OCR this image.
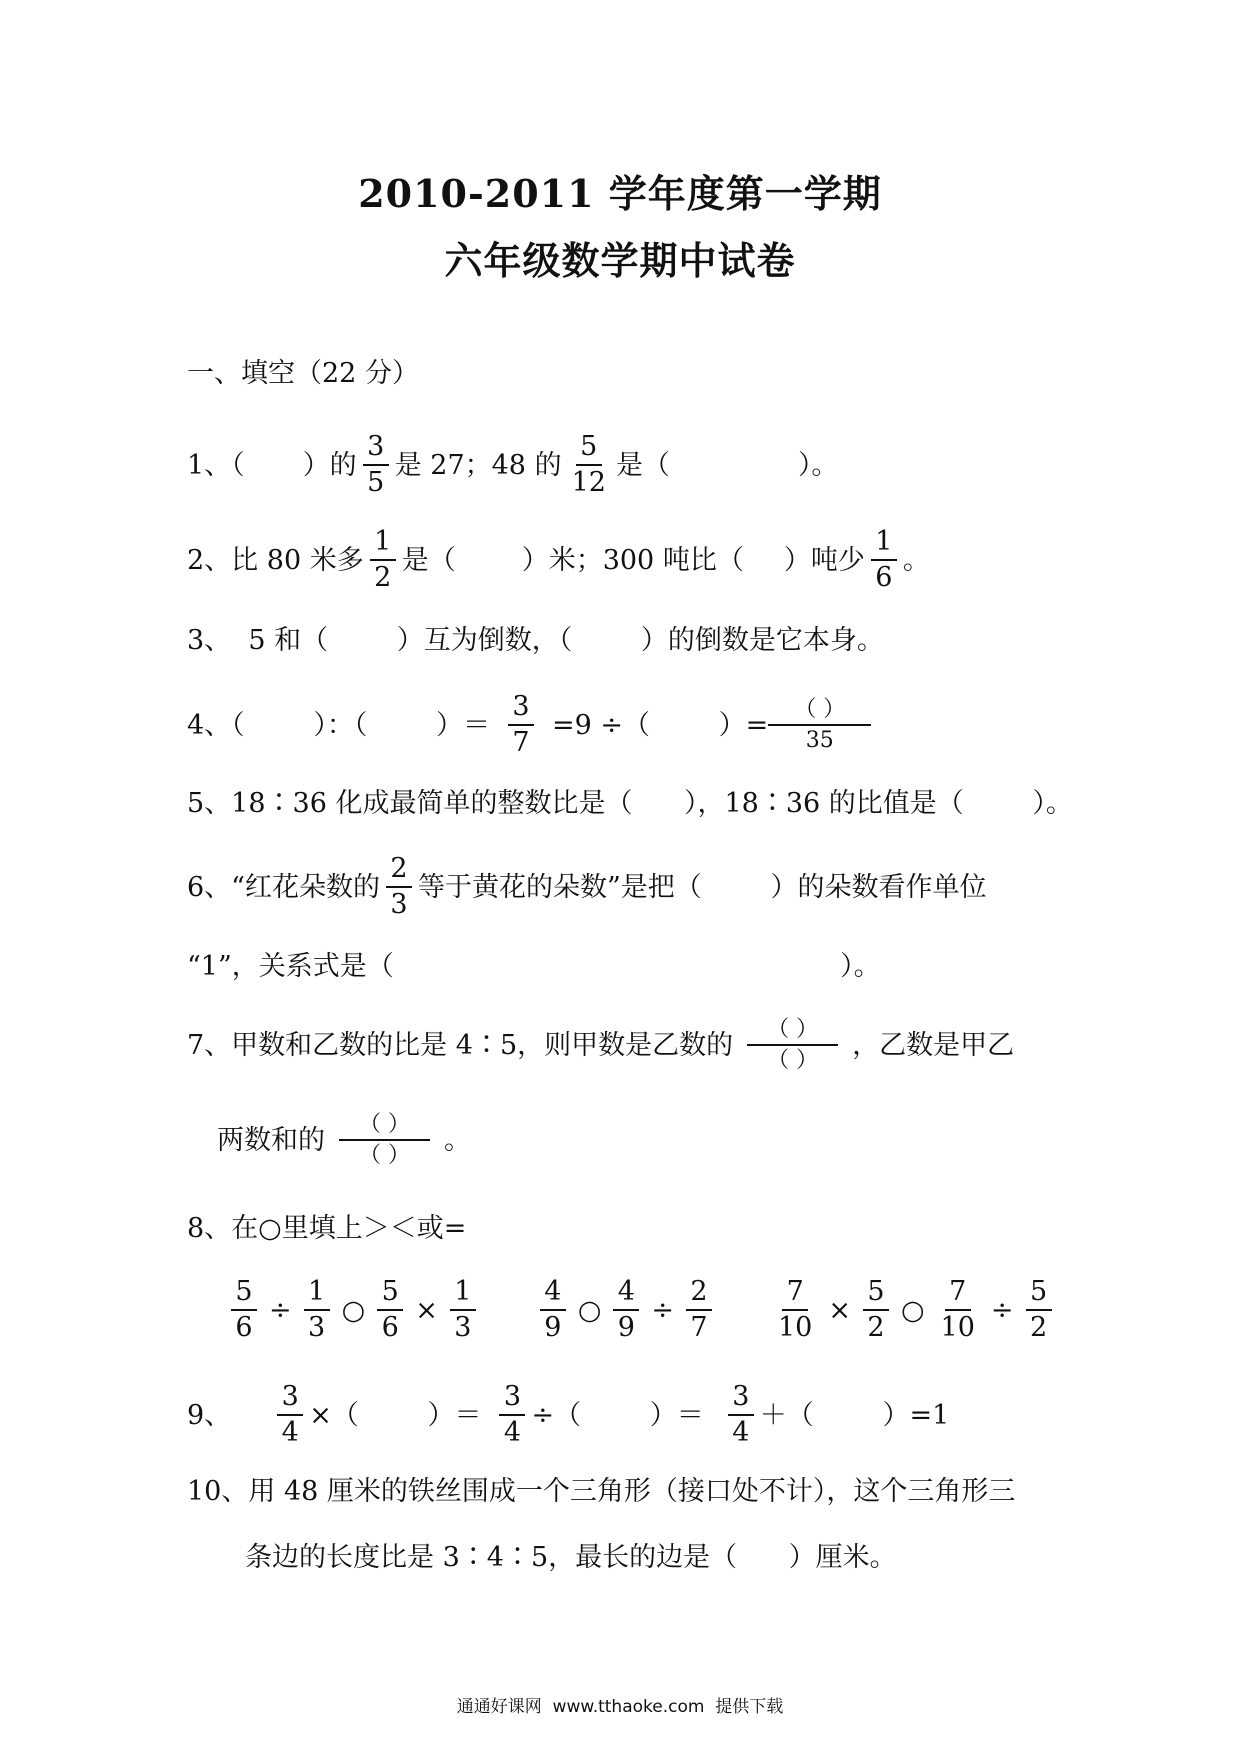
2010-2011 学年度第一学期
六年级数学期中试卷
一、填空（22 分）
1、（ ）的 $\frac{3}{5}$ 是 27；48 的 $\frac{5}{12}$ 是（	）。
2、比 80 米多 $\frac{1}{2}$ 是（ ）米；300 吨比（ ）吨少 $\frac{1}{6}$ 。
3、  5 和（        ）互为倒数，（        ）的倒数是它本身。
4、（        ）：（        ）＝ $\frac{3}{7} =9$ ÷（        ）= $\frac{( )}{35}$
5、18∶36 化成最简单的整数比是（      ），18∶36 的比值是（        ）。
6、“红花朵数的 $\frac{2}{3}$ 等于黄花的朵数”是把（        ）的朵数看作单位
“1”，关系式是（                                                    ）。
7、甲数和乙数的比是 4∶5，则甲数是乙数的 $\frac{( )}{( )}$ ，乙数是甲乙
两数和的 $\frac{( )}{( )}$ 。
8、在○里填上＞＜或=
$\frac{5}{6} \div \frac{1}{3}$ ○ $\frac{5}{6} \times \frac{1}{3} \frac{4}{9}$ ○ $\frac{4}{9} \div \frac{2}{7} \frac{7}{10} \times \frac{5}{2}$ ○ $\frac{7}{10} \div \frac{5}{2}$
9、 $\frac{3}{4}$ ×（        ）＝ $\frac{3}{4}$ ÷（        ）＝ $\frac{3}{4}$ ＋（        ）=1
10、用 48 厘米的铁丝围成一个三角形（接口处不计），这个三角形三
条边的长度比是 3∶4∶5，最长的边是（      ）厘米。
通通好课网  www.tthaoke.com  提供下载
